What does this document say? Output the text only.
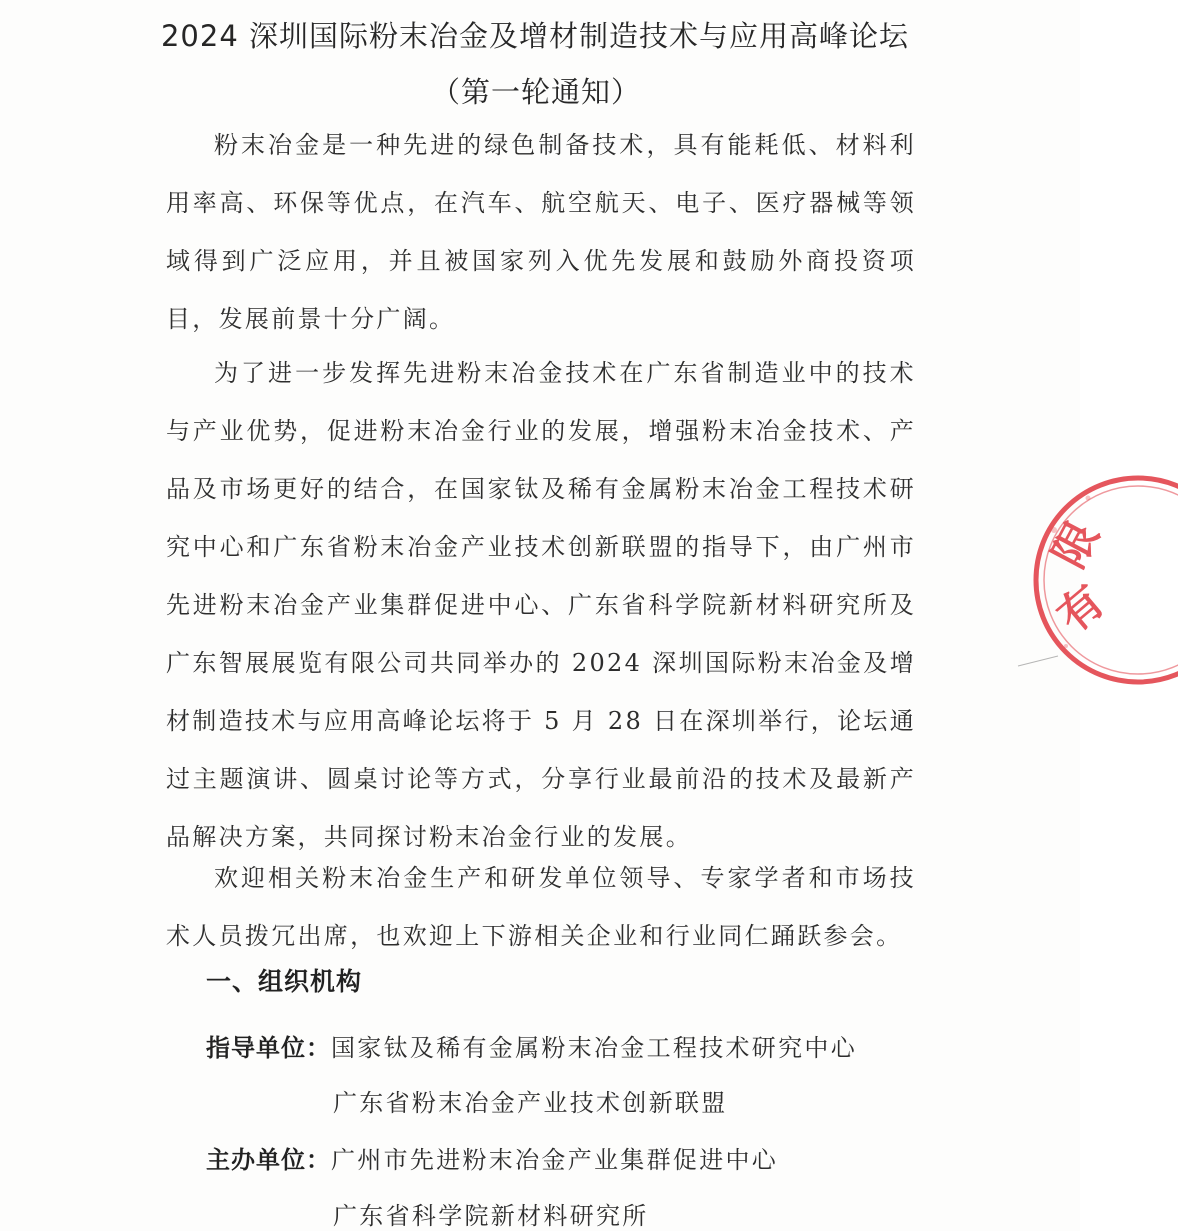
2024 深圳国际粉末冶金及增材制造技术与应用高峰论坛
（第一轮通知）
粉末冶金是一种先进的绿色制备技术，具有能耗低、材料利用率高、环保等优点，在汽车、航空航天、电子、医疗器械等领域得到广泛应用，并且被国家列入优先发展和鼓励外商投资项目，发展前景十分广阔。
为了进一步发挥先进粉末冶金技术在广东省制造业中的技术与产业优势，促进粉末冶金行业的发展，增强粉末冶金技术、产品及市场更好的结合，在国家钛及稀有金属粉末冶金工程技术研究中心和广东省粉末冶金产业技术创新联盟的指导下，由广州市先进粉末冶金产业集群促进中心、广东省科学院新材料研究所及广东智展展览有限公司共同举办的 2024 深圳国际粉末冶金及增材制造技术与应用高峰论坛将于 5 月 28 日在深圳举行，论坛通过主题演讲、圆桌讨论等方式，分享行业最前沿的技术及最新产品解决方案，共同探讨粉末冶金行业的发展。
欢迎相关粉末冶金生产和研发单位领导、专家学者和市场技术人员拨冗出席，也欢迎上下游相关企业和行业同仁踊跃参会。
一、组织机构
指导单位：国家钛及稀有金属粉末冶金工程技术研究中心
广东省粉末冶金产业技术创新联盟
主办单位：广州市先进粉末冶金产业集群促进中心
广东省科学院新材料研究所
限
有
